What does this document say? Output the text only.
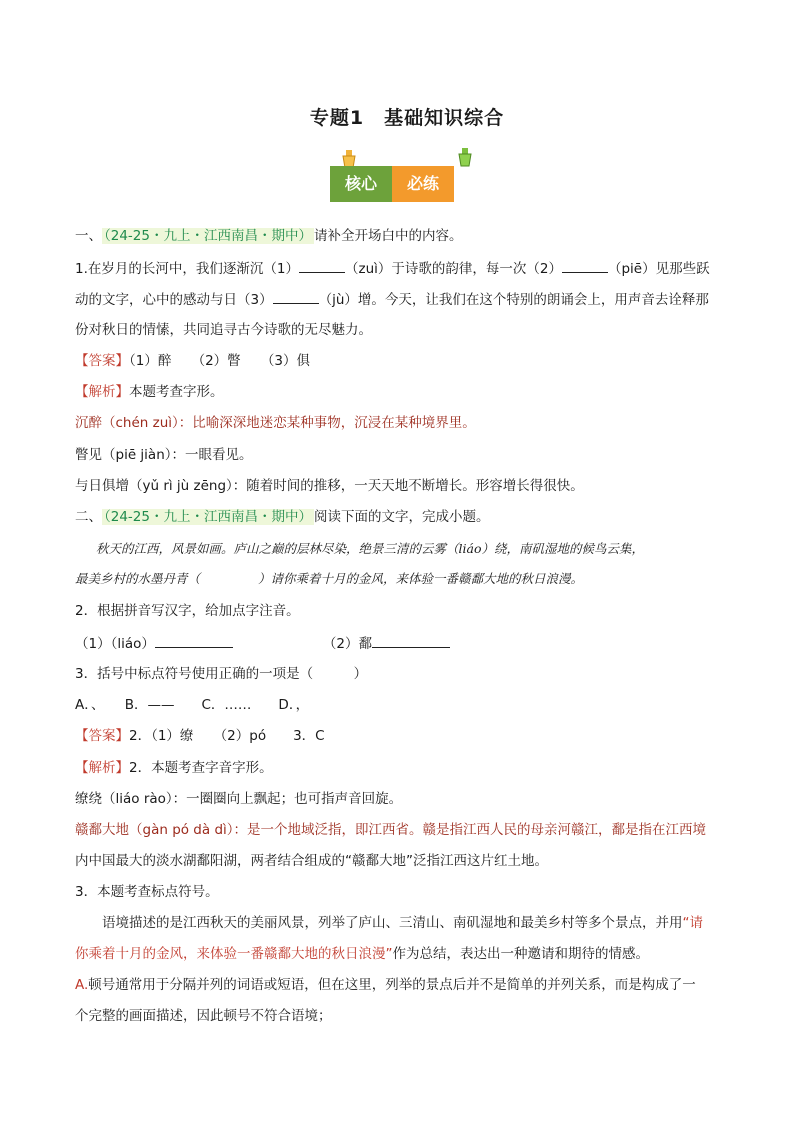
专题1　基础知识综合
核心	必练
一、 （24-25・九上・江西南昌・期中） 请补全开场白中的内容。
1.在岁月的长河中，我们逐渐沉（1）	（zuì）于诗歌的韵律，每一次（2）	（piē）见那些跃
动的文字，心中的感动与日（3）	（jù）增。今天，让我们在这个特别的朗诵会上，用声音去诠释那
份对秋日的情愫，共同追寻古今诗歌的无尽魅力。
【答案】（1）醉　　（2）瞥　　（3）俱
【解析】本题考查字形。
沉醉（chén zuì）：比喻深深地迷恋某种事物，沉浸在某种境界里。
瞥见（piē jiàn）：一眼看见。
与日俱增（yǔ rì jù zēng）：随着时间的推移，一天天地不断增长。形容增长得很快。
二、 （24-25・九上・江西南昌・期中） 阅读下面的文字，完成小题。
秋天的江西，风景如画。庐山之巅的层林尽染，绝景三清的云雾（liáo）绕，南矶湿地的候鸟云集，
最美乡村的水墨丹青（	）请你乘着十月的金风，来体验一番赣鄱大地的秋日浪漫。
2．根据拼音写汉字，给加点字注音。
（1）（liáo）	（2）鄱
3．括号中标点符号使用正确的一项是（　　　）
A．、　　B．——　　C．……　　D．，
【答案】2．（1）缭　　（2）pó　　3．C
【解析】2．本题考查字音字形。
缭绕（liáo rào）：一圈圈向上飘起；也可指声音回旋。
赣鄱大地（gàn pó dà dì）：是一个地域泛指，即江西省。赣是指江西人民的母亲河赣江，鄱是指在江西境
内中国最大的淡水湖鄱阳湖，两者结合组成的“赣鄱大地”泛指江西这片红土地。
3．本题考查标点符号。
语境描述的是江西秋天的美丽风景，列举了庐山、三清山、南矶湿地和最美乡村等多个景点，并用“请
你乘着十月的金风，来体验一番赣鄱大地的秋日浪漫”作为总结，表达出一种邀请和期待的情感。
A.顿号通常用于分隔并列的词语或短语，但在这里，列举的景点后并不是简单的并列关系，而是构成了一
个完整的画面描述，因此顿号不符合语境；
